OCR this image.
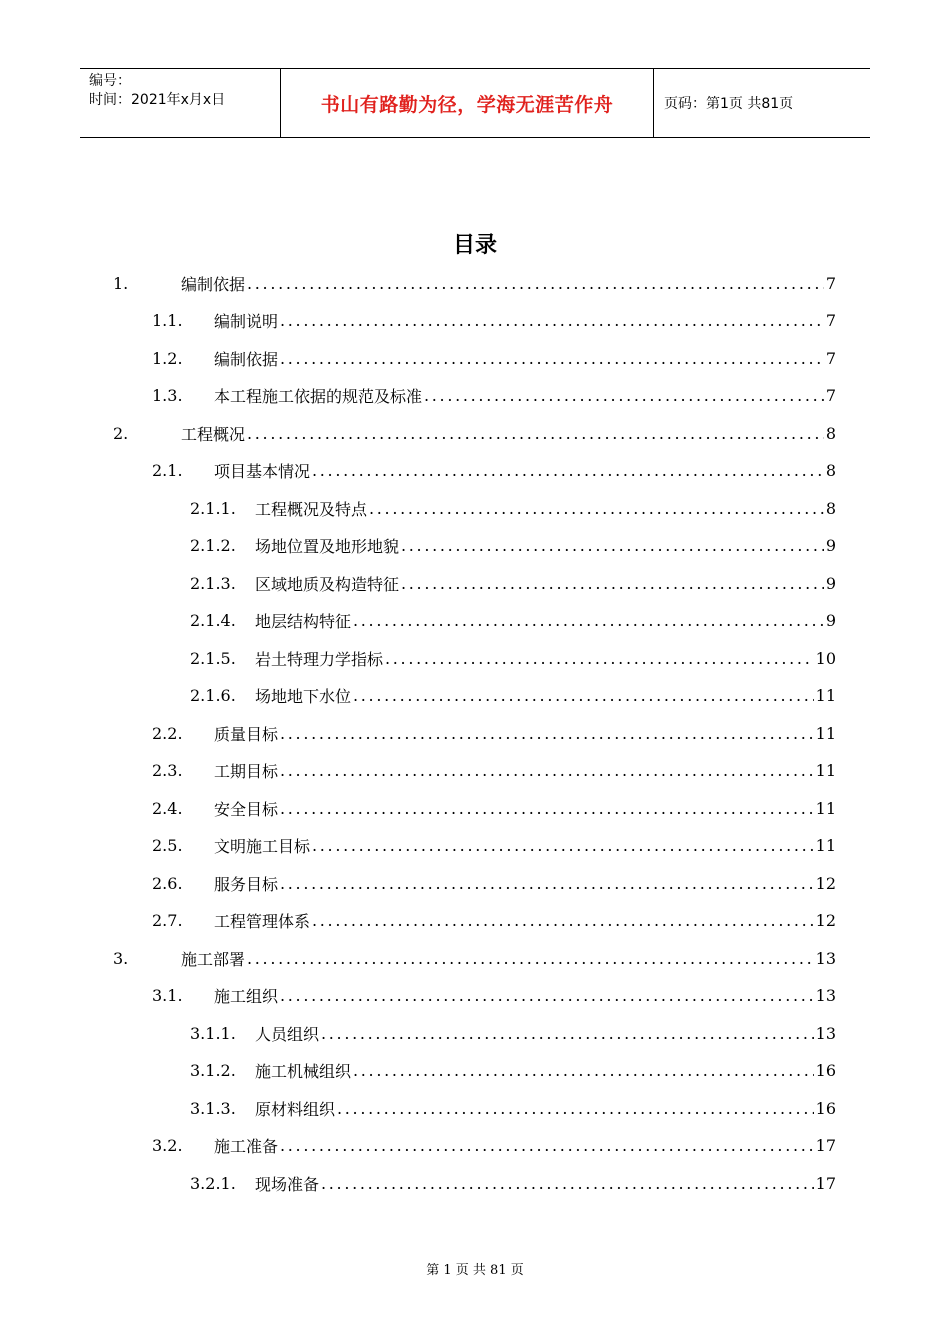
编号：
时间：2021年x月x日	书山有路勤为径，学海无涯苦作舟	页码：第1页 共81页
目录
1.	编制依据 . . .	7
1.1.	编制说明 . . .	7
1.2.	编制依据 . . .	7
1.3.	本工程施工依据的规范及标准 . . .	7
2.	工程概况 . . .	8
2.1.	项目基本情况 . . .	8
2.1.1.	工程概况及特点 . . .	8
2.1.2.	场地位置及地形地貌 . . .	9
2.1.3.	区域地质及构造特征 . . .	9
2.1.4.	地层结构特征 . . .	9
2.1.5.	岩土特理力学指标 . . .	10
2.1.6.	场地地下水位 . . .	11
2.2.	质量目标 . . .	11
2.3.	工期目标 . . .	11
2.4.	安全目标 . . .	11
2.5.	文明施工目标 . . .	11
2.6.	服务目标 . . .	12
2.7.	工程管理体系 . . .	12
3.	施工部署 . . .	13
3.1.	施工组织 . . .	13
3.1.1.	人员组织 . . .	13
3.1.2.	施工机械组织 . . .	16
3.1.3.	原材料组织 . . .	16
3.2.	施工准备 . . .	17
3.2.1.	现场准备 . . .	17
第 1 页 共 81 页
